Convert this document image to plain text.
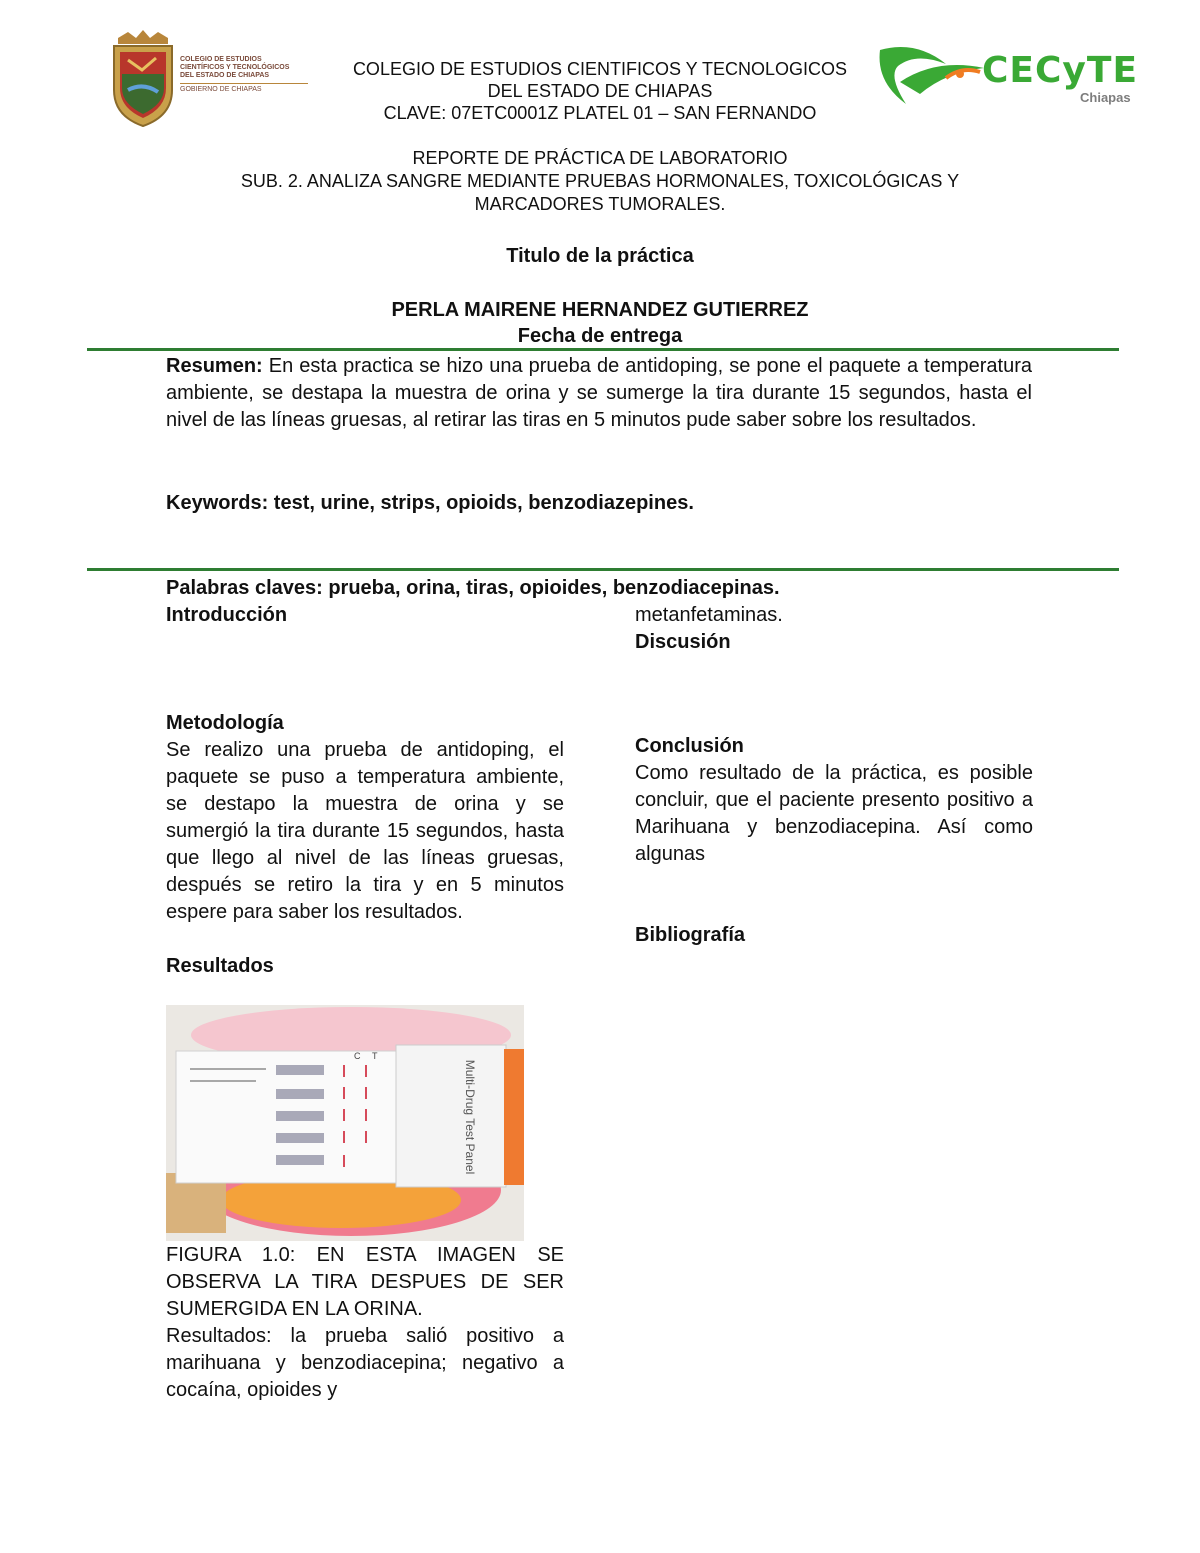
COLEGIO DE ESTUDIOS
CIENTÍFICOS Y TECNOLÓGICOS
DEL ESTADO DE CHIAPAS
GOBIERNO DE CHIAPAS	CECyTE
Chiapas
COLEGIO DE ESTUDIOS CIENTIFICOS Y TECNOLOGICOS
DEL ESTADO DE CHIAPAS
CLAVE: 07ETC0001Z PLATEL 01 – SAN FERNANDO
REPORTE DE PRÁCTICA DE LABORATORIO
SUB. 2. ANALIZA SANGRE MEDIANTE PRUEBAS HORMONALES, TOXICOLÓGICAS Y
MARCADORES TUMORALES.
Titulo de la práctica
PERLA MAIRENE HERNANDEZ GUTIERREZ
Fecha de entrega
Resumen: En esta practica se hizo una prueba de antidoping, se pone el paquete a temperatura ambiente, se destapa la muestra de orina y se sumerge la tira durante 15 segundos, hasta el nivel de las líneas gruesas, al retirar las tiras en 5 minutos pude saber sobre los resultados.
Keywords: test, urine, strips, opioids, benzodiazepines.
Palabras claves: prueba, orina, tiras, opioides, benzodiacepinas.
Introducción
Metodología
Se realizo una prueba de antidoping, el paquete se puso a temperatura ambiente, se destapo la muestra de orina y se sumergió la tira durante 15 segundos, hasta que llego al nivel de las líneas gruesas, después se retiro la tira y en 5 minutos espere para saber los resultados.
Resultados
Multi-Drug Test Panel
C T
FIGURA 1.0: EN ESTA IMAGEN SE OBSERVA LA TIRA DESPUES DE SER SUMERGIDA EN LA ORINA.
Resultados: la prueba salió positivo a marihuana y benzodiacepina; negativo a cocaína, opioides y
metanfetaminas.
Discusión
Conclusión
Como resultado de la práctica, es posible concluir, que el paciente presento positivo a Marihuana y benzodiacepina. Así como algunas
Bibliografía
